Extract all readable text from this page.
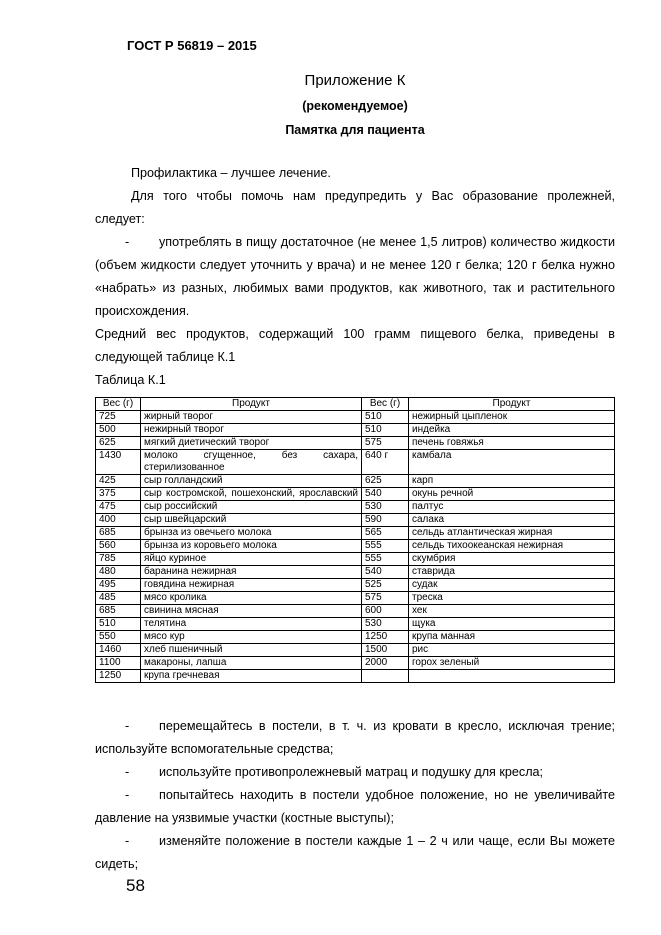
ГОСТ Р 56819 – 2015
Приложение К
(рекомендуемое)
Памятка для пациента

Профилактика – лучшее лечение.

Для того чтобы помочь нам предупредить у Вас образование пролежней,

следует:

- употреблять в пищу достаточное (не менее 1,5 литров) количество жидкости (объем жидкости следует уточнить у врача) и не менее 120 г белка; 120 г белка нужно «набрать» из разных, любимых вами продуктов, как животного, так и растительного происхождения.

Средний вес продуктов, содержащий 100 грамм пищевого белка, приведены в следующей таблице К.1

Таблица К.1

Вес (г)	Продукт	Вес (г)	Продукт
725	жирный творог	510	нежирный цыпленок
500	нежирный творог	510	индейка
625	мягкий диетический творог	575	печень говяжья
1430	молоко сгущенное, без сахара, стерилизованное	640 г	камбала
425	сыр голландский	625	карп
375	сыр костромской, пошехонский, ярославский	540	окунь речной
475	сыр российский	530	палтус
400	сыр швейцарский	590	салака
685	брынза из овечьего молока	565	сельдь атлантическая жирная
560	брынза из коровьего молока	555	сельдь тихоокеанская нежирная
785	яйцо куриное	555	скумбрия
480	баранина нежирная	540	ставрида
495	говядина нежирная	525	судак
485	мясо кролика	575	треска
685	свинина мясная	600	хек
510	телятина	530	щука
550	мясо кур	1250	крупа манная
1460	хлеб пшеничный	1500	рис
1100	макароны, лапша	2000	горох зеленый
1250	крупа гречневая		

- перемещайтесь в постели, в т. ч. из кровати в кресло, исключая трение; используйте вспомогательные средства;

- используйте противопролежневый матрац и подушку для кресла;

- попытайтесь находить в постели удобное положение, но не увеличивайте давление на уязвимые участки (костные выступы);

- изменяйте положение в постели каждые 1 – 2 ч или чаще, если Вы можете сидеть;

58
